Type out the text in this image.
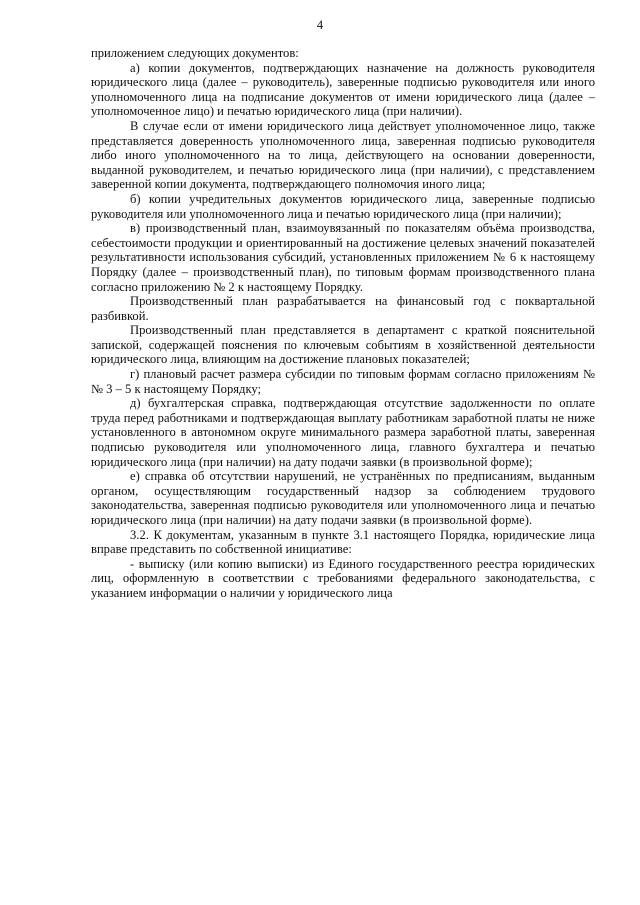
4

приложением следующих документов:

а) копии документов, подтверждающих назначение на должность руководителя юридического лица (далее – руководитель), заверенные подписью руководителя или иного уполномоченного лица на подписание документов от имени юридического лица (далее – уполномоченное лицо) и печатью юридического лица (при наличии).

В случае если от имени юридического лица действует уполномоченное лицо, также представляется доверенность уполномоченного лица, заверенная подписью руководителя либо иного уполномоченного на то лица, действующего на основании доверенности, выданной руководителем, и печатью юридического лица (при наличии), с представлением заверенной копии документа, подтверждающего полномочия иного лица;

б) копии учредительных документов юридического лица, заверенные подписью руководителя или уполномоченного лица и печатью юридического лица (при наличии);

в) производственный план, взаимоувязанный по показателям объёма производства, себестоимости продукции и ориентированный на достижение целевых значений показателей результативности использования субсидий, установленных приложением № 6 к настоящему Порядку (далее – производственный план), по типовым формам производственного плана согласно приложению № 2 к настоящему Порядку.

Производственный план разрабатывается на финансовый год с поквартальной разбивкой.

Производственный план представляется в департамент с краткой пояснительной запиской, содержащей пояснения по ключевым событиям в хозяйственной деятельности юридического лица, влияющим на достижение плановых показателей;

г) плановый расчет размера субсидии по типовым формам согласно приложениям №№ 3 – 5 к настоящему Порядку;

д) бухгалтерская справка, подтверждающая отсутствие задолженности по оплате труда перед работниками и подтверждающая выплату работникам заработной платы не ниже установленного в автономном округе минимального размера заработной платы, заверенная подписью руководителя или уполномоченного лица, главного бухгалтера и печатью юридического лица (при наличии) на дату подачи заявки (в произвольной форме);

е) справка об отсутствии нарушений, не устранённых по предписаниям, выданным органом, осуществляющим государственный надзор за соблюдением трудового законодательства, заверенная подписью руководителя или уполномоченного лица и печатью юридического лица (при наличии) на дату подачи заявки (в произвольной форме).

3.2. К документам, указанным в пункте 3.1 настоящего Порядка, юридические лица вправе представить по собственной инициативе:

- выписку (или копию выписки) из Единого государственного реестра юридических лиц, оформленную в соответствии с требованиями федерального законодательства, с указанием информации о наличии у юридического лица
